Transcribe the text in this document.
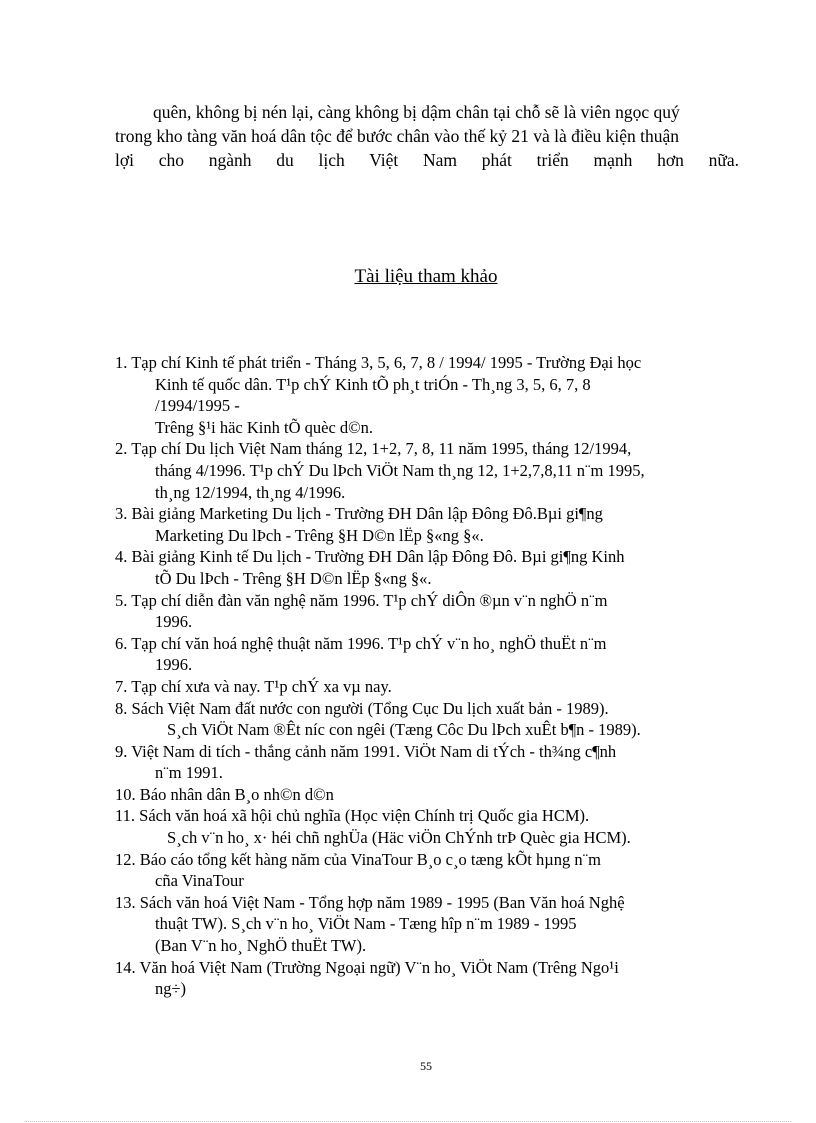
quên, không bị nén lại, càng không bị dậm chân tại chỗ sẽ là viên ngọc quý
trong kho tàng văn hoá dân tộc để bước chân vào thế kỷ 21 và là điều kiện thuận
lợi cho ngành du lịch Việt Nam phát triển mạnh hơn nữa.
Tài liệu tham khảo
1. Tạp chí Kinh tế phát triển - Tháng 3, 5, 6, 7, 8 / 1994/ 1995 - Trường Đại học
Kinh tế quốc dân. T¹p chÝ Kinh tÕ ph¸t triÓn - Th¸ng 3, 5, 6, 7, 8
/1994/1995 -
Trêng §¹i häc Kinh tÕ quèc d©n.
2. Tạp chí Du lịch Việt Nam tháng 12, 1+2, 7, 8, 11 năm 1995, tháng 12/1994,
tháng 4/1996. T¹p chÝ Du lÞch ViÖt Nam th¸ng 12, 1+2,7,8,11 n¨m 1995,
th¸ng 12/1994, th¸ng 4/1996.
3. Bài giảng Marketing Du lịch - Trường ĐH Dân lập Đông Đô.Bµi gi¶ng
Marketing Du lÞch - Trêng §H D©n lËp §«ng §«.
4. Bài giảng Kinh tế Du lịch - Trường ĐH Dân lập Đông Đô. Bµi gi¶ng Kinh
tÕ Du lÞch - Trêng §H D©n lËp §«ng §«.
5. Tạp chí diễn đàn văn nghệ năm 1996. T¹p chÝ diÔn ®µn v¨n nghÖ n¨m
1996.
6. Tạp chí văn hoá nghệ thuật năm 1996. T¹p chÝ v¨n ho¸ nghÖ thuËt n¨m
1996.
7. Tạp chí xưa và nay. T¹p chÝ xa vµ nay.
8. Sách Việt Nam đất nước con người (Tổng Cục Du lịch xuất bản - 1989).
S¸ch ViÖt Nam ®Êt níc con ngêi (Tæng Côc Du lÞch xuÊt b¶n - 1989).
9. Việt Nam di tích - thắng cảnh năm 1991. ViÖt Nam di tÝch - th¾ng c¶nh
n¨m 1991.
10. Báo nhân dân B¸o nh©n d©n
11. Sách văn hoá xã hội chủ nghĩa (Học viện Chính trị Quốc gia HCM).
S¸ch v¨n ho¸ x· héi chñ nghÜa (Häc viÖn ChÝnh trÞ Quèc gia HCM).
12. Báo cáo tổng kết hàng năm của VinaTour B¸o c¸o tæng kÕt hµng n¨m
cña VinaTour
13. Sách văn hoá Việt Nam - Tổng hợp năm 1989 - 1995 (Ban Văn hoá Nghệ
thuật TW). S¸ch v¨n ho¸ ViÖt Nam - Tæng hîp n¨m 1989 - 1995
(Ban V¨n ho¸ NghÖ thuËt TW).
14. Văn hoá Việt Nam (Trường Ngoại ngữ) V¨n ho¸ ViÖt Nam (Trêng Ngo¹i
ng÷)
55
